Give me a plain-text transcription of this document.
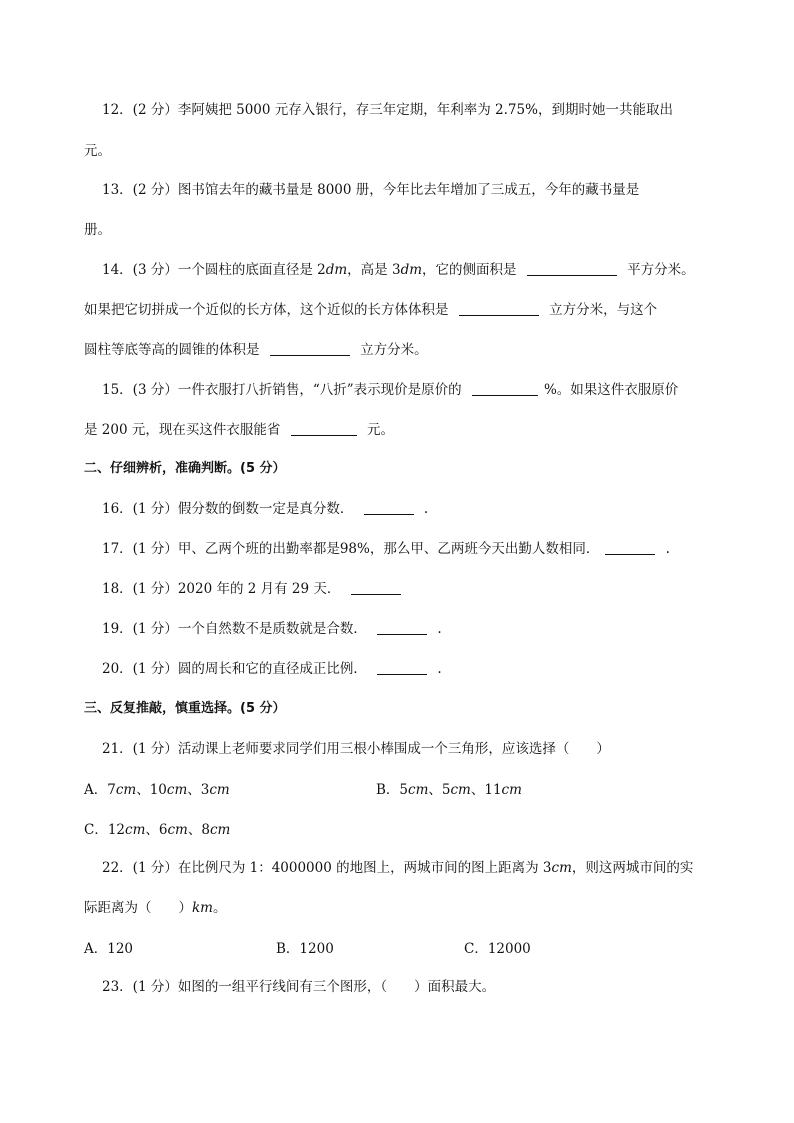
12．(2 分）李阿姨把 5000 元存入银行，存三年定期，年利率为 2.75%，到期时她一共能取出
元。
13．(2 分）图书馆去年的藏书量是 8000 册，今年比去年增加了三成五，今年的藏书量是
册。
14．(3 分）一个圆柱的底面直径是 2dm，高是 3dm，它的侧面积是	平方分米。
如果把它切拼成一个近似的长方体，这个近似的长方体体积是	立方分米，与这个
圆柱等底等高的圆锥的体积是	立方分米。
15．(3 分）一件衣服打八折销售，“八折”表示现价是原价的	%。如果这件衣服原价
是 200 元，现在买这件衣服能省	元。
二、仔细辨析，准确判断。(5 分）
16．(1 分）假分数的倒数一定是真分数．	.
17．(1 分）甲、乙两个班的出勤率都是98%，那么甲、乙两班今天出勤人数相同．	.
18．(1 分）2020 年的 2 月有 29 天．
19．(1 分）一个自然数不是质数就是合数．	.
20．(1 分）圆的周长和它的直径成正比例．	.
三、反复推敲，慎重选择。(5 分）
21．(1 分）活动课上老师要求同学们用三根小棒围成一个三角形，应该选择（　　）
A．7cm、10cm、3cm	B．5cm、5cm、11cm
C．12cm、6cm、8cm
22．(1 分）在比例尺为 1：4000000 的地图上，两城市间的图上距离为 3cm，则这两城市间的实
际距离为（　　）km。
A．120	B．1200	C．12000
23．(1 分）如图的一组平行线间有三个图形，（　　）面积最大。
